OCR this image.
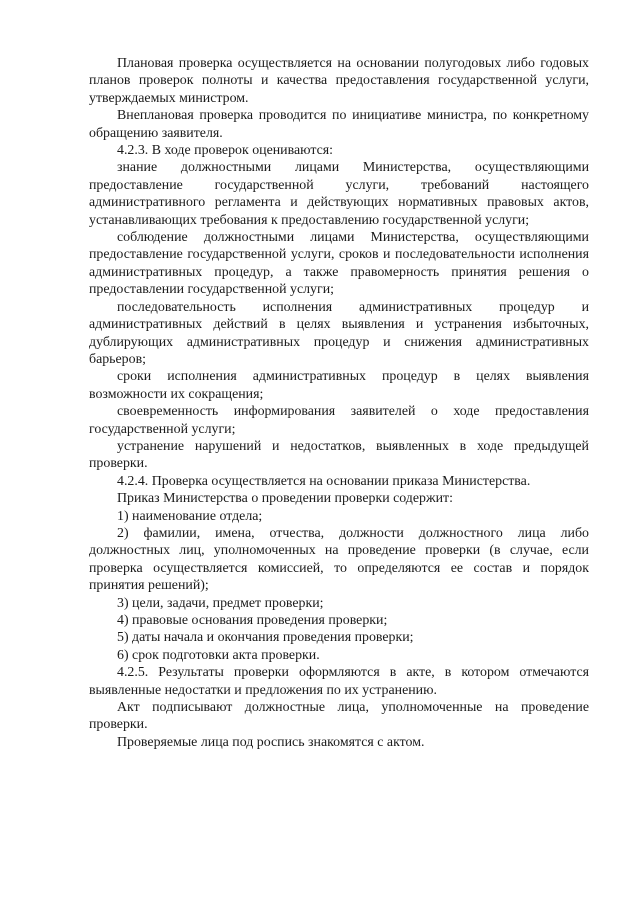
Плановая проверка осуществляется на основании полугодовых либо годовых планов проверок полноты и качества предоставления государственной услуги, утверждаемых министром.

Внеплановая проверка проводится по инициативе министра, по конкретному обращению заявителя.

4.2.3. В ходе проверок оцениваются:

знание должностными лицами Министерства, осуществляющими предоставление государственной услуги, требований настоящего административного регламента и действующих нормативных правовых актов, устанавливающих требования к предоставлению государственной услуги;

соблюдение должностными лицами Министерства, осуществляющими предоставление государственной услуги, сроков и последовательности исполнения административных процедур, а также правомерность принятия решения о предоставлении государственной услуги;

последовательность исполнения административных процедур и административных действий в целях выявления и устранения избыточных, дублирующих административных процедур и снижения административных барьеров;

сроки исполнения административных процедур в целях выявления возможности их сокращения;

своевременность информирования заявителей о ходе предоставления государственной услуги;

устранение нарушений и недостатков, выявленных в ходе предыдущей проверки.

4.2.4. Проверка осуществляется на основании приказа Министерства.

Приказ Министерства о проведении проверки содержит:

1) наименование отдела;

2) фамилии, имена, отчества, должности должностного лица либо должностных лиц, уполномоченных на проведение проверки (в случае, если проверка осуществляется комиссией, то определяются ее состав и порядок принятия решений);

3) цели, задачи, предмет проверки;

4) правовые основания проведения проверки;

5) даты начала и окончания проведения проверки;

6) срок подготовки акта проверки.

4.2.5. Результаты проверки оформляются в акте, в котором отмечаются выявленные недостатки и предложения по их устранению.

Акт подписывают должностные лица, уполномоченные на проведение проверки.

Проверяемые лица под роспись знакомятся с актом.
